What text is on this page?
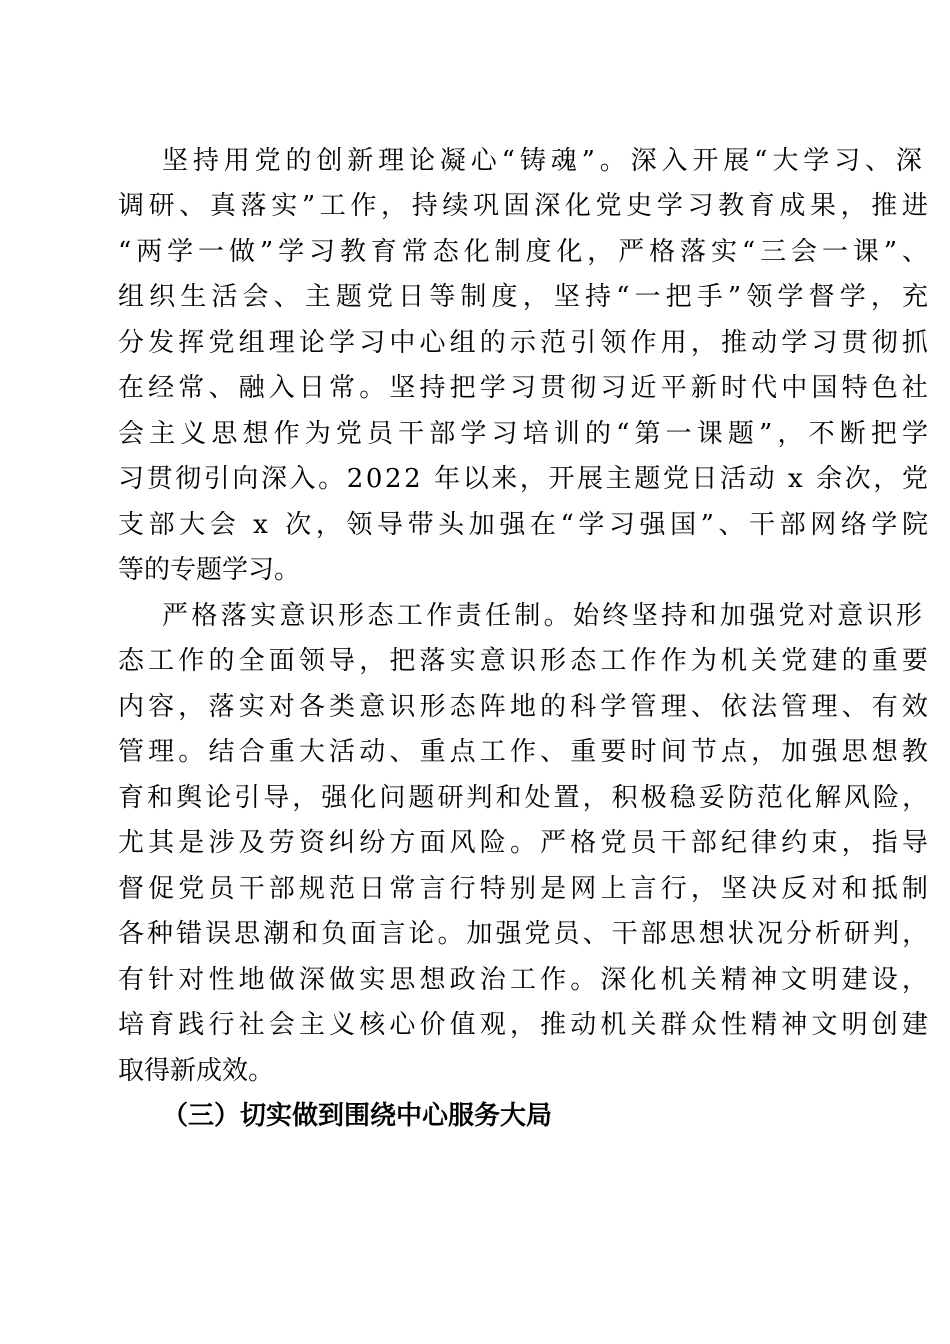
坚持用党的创新理论凝心“铸魂”。深入开展“大学习、深
调研、真落实”工作，持续巩固深化党史学习教育成果，推进
“两学一做”学习教育常态化制度化，严格落实“三会一课”、
组织生活会、主题党日等制度，坚持“一把手”领学督学，充
分发挥党组理论学习中心组的示范引领作用，推动学习贯彻抓
在经常、融入日常。坚持把学习贯彻习近平新时代中国特色社
会主义思想作为党员干部学习培训的“第一课题”，不断把学
习贯彻引向深入。2022 年以来，开展主题党日活动 x 余次，党
支部大会 x 次，领导带头加强在“学习强国”、干部网络学院
等的专题学习。
严格落实意识形态工作责任制。始终坚持和加强党对意识形
态工作的全面领导，把落实意识形态工作作为机关党建的重要
内容，落实对各类意识形态阵地的科学管理、依法管理、有效
管理。结合重大活动、重点工作、重要时间节点，加强思想教
育和舆论引导，强化问题研判和处置，积极稳妥防范化解风险，
尤其是涉及劳资纠纷方面风险。严格党员干部纪律约束，指导
督促党员干部规范日常言行特别是网上言行，坚决反对和抵制
各种错误思潮和负面言论。加强党员、干部思想状况分析研判，
有针对性地做深做实思想政治工作。深化机关精神文明建设，
培育践行社会主义核心价值观，推动机关群众性精神文明创建
取得新成效。
（三）切实做到围绕中心服务大局
